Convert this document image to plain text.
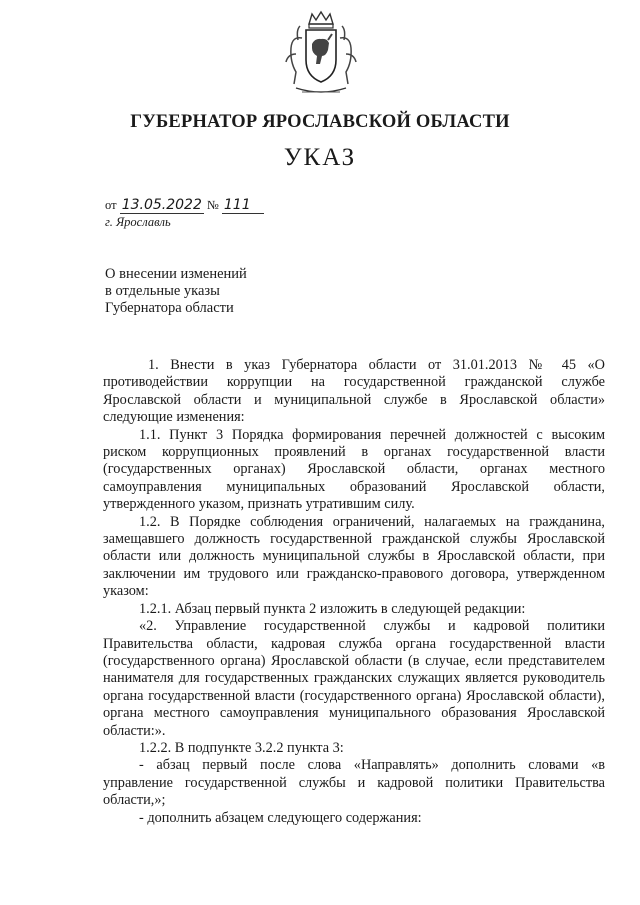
ГУБЕРНАТОР ЯРОСЛАВСКОЙ ОБЛАСТИ
УКАЗ
от 13.05.2022 № 111
г. Ярославль
О внесении изменений
в отдельные указы
Губернатора области

1. Внести в указ Губернатора области от 31.01.2013 № 45 «О противодействии коррупции на государственной гражданской службе Ярославской области и муниципальной службе в Ярославской области» следующие изменения:

1.1. Пункт 3 Порядка формирования перечней должностей с высоким риском коррупционных проявлений в органах государственной власти (государственных органах) Ярославской области, органах местного самоуправления муниципальных образований Ярославской области, утвержденного указом, признать утратившим силу.

1.2. В Порядке соблюдения ограничений, налагаемых на гражданина, замещавшего должность государственной гражданской службы Ярославской области или должность муниципальной службы в Ярославской области, при заключении им трудового или гражданско-правового договора, утвержденном указом:

1.2.1. Абзац первый пункта 2 изложить в следующей редакции:

«2. Управление государственной службы и кадровой политики Правительства области, кадровая служба органа государственной власти (государственного органа) Ярославской области (в случае, если представителем нанимателя для государственных гражданских служащих является руководитель органа государственной власти (государственного органа) Ярославской области), органа местного самоуправления муниципального образования Ярославской области:».

1.2.2. В подпункте 3.2.2 пункта 3:

- абзац первый после слова «Направлять» дополнить словами «в управление государственной службы и кадровой политики Правительства области,»;

- дополнить абзацем следующего содержания:
